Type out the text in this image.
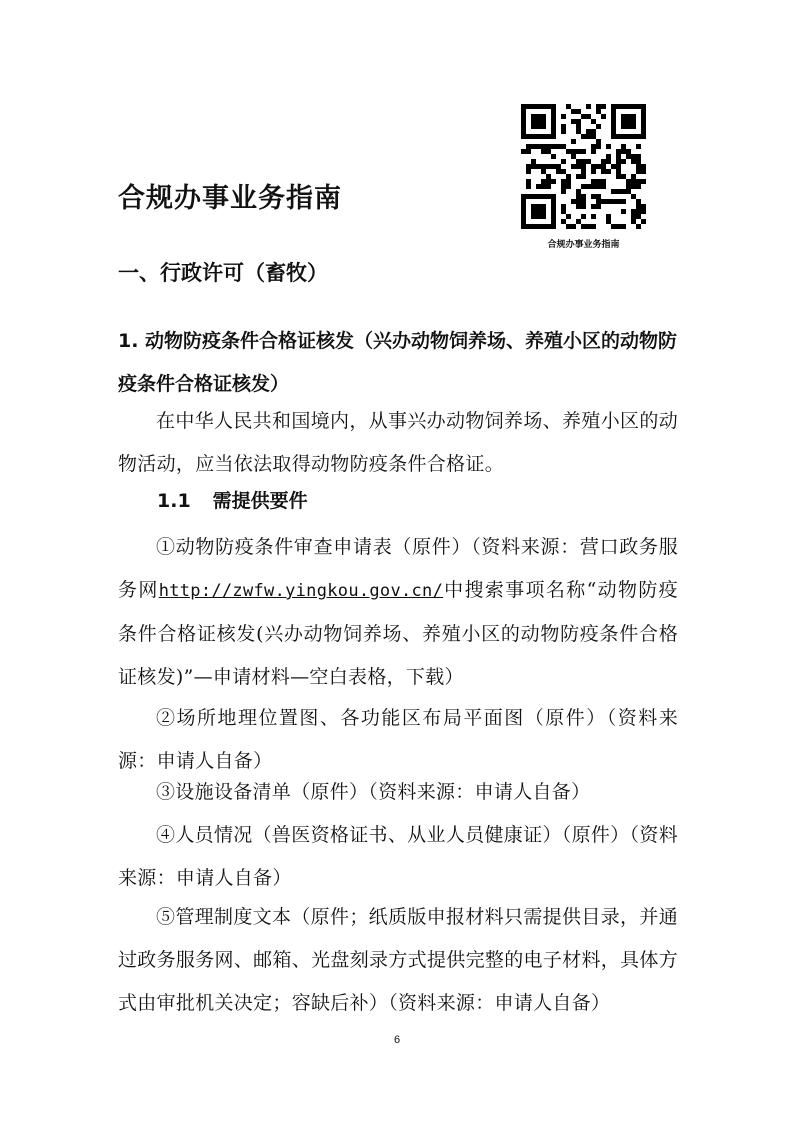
合规办事业务指南
合规办事业务指南
一、行政许可（畜牧）
1. 动物防疫条件合格证核发（兴办动物饲养场、养殖小区的动物防疫条件合格证核发）
在中华人民共和国境内，从事兴办动物饲养场、养殖小区的动物活动，应当依法取得动物防疫条件合格证。
1.1 需提供要件
①动物防疫条件审查申请表（原件）（资料来源：营口政务服务网http://zwfw.yingkou.gov.cn/中搜索事项名称“动物防疫条件合格证核发(兴办动物饲养场、养殖小区的动物防疫条件合格证核发)”—申请材料—空白表格，下载）
②场所地理位置图、各功能区布局平面图（原件）（资料来源：申请人自备）
③设施设备清单（原件）（资料来源：申请人自备）
④人员情况（兽医资格证书、从业人员健康证）（原件）（资料来源：申请人自备）
⑤管理制度文本（原件；纸质版申报材料只需提供目录，并通过政务服务网、邮箱、光盘刻录方式提供完整的电子材料，具体方式由审批机关决定；容缺后补）（资料来源：申请人自备）
6
